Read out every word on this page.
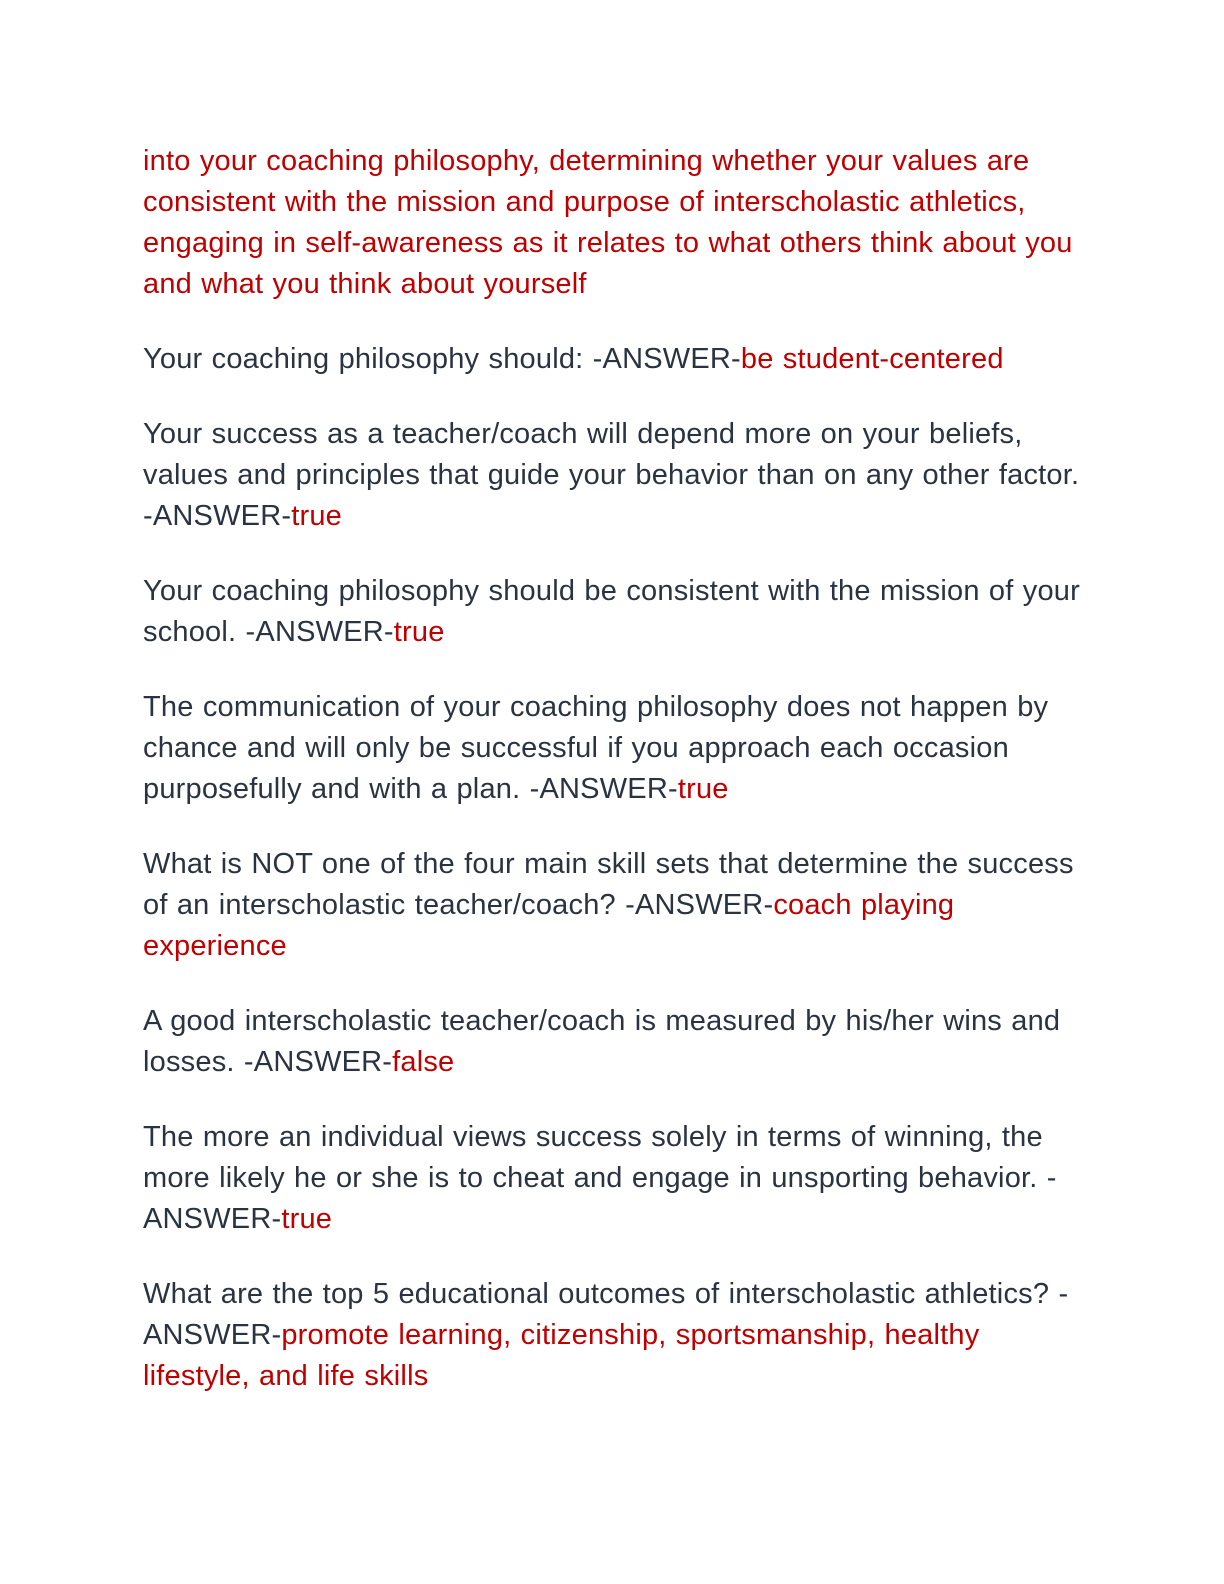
into your coaching philosophy, determining whether your values are consistent with the mission and purpose of interscholastic athletics, engaging in self-awareness as it relates to what others think about you and what you think about yourself

Your coaching philosophy should: -ANSWER-be student-centered

Your success as a teacher/coach will depend more on your beliefs, values and principles that guide your behavior than on any other factor. -ANSWER-true

Your coaching philosophy should be consistent with the mission of your school. -ANSWER-true

The communication of your coaching philosophy does not happen by chance and will only be successful if you approach each occasion purposefully and with a plan. -ANSWER-true

What is NOT one of the four main skill sets that determine the success of an interscholastic teacher/coach? -ANSWER-coach playing experience

A good interscholastic teacher/coach is measured by his/her wins and losses. -ANSWER-false

The more an individual views success solely in terms of winning, the more likely he or she is to cheat and engage in unsporting behavior. -ANSWER-true

What are the top 5 educational outcomes of interscholastic athletics? -ANSWER-promote learning, citizenship, sportsmanship, healthy lifestyle, and life skills
